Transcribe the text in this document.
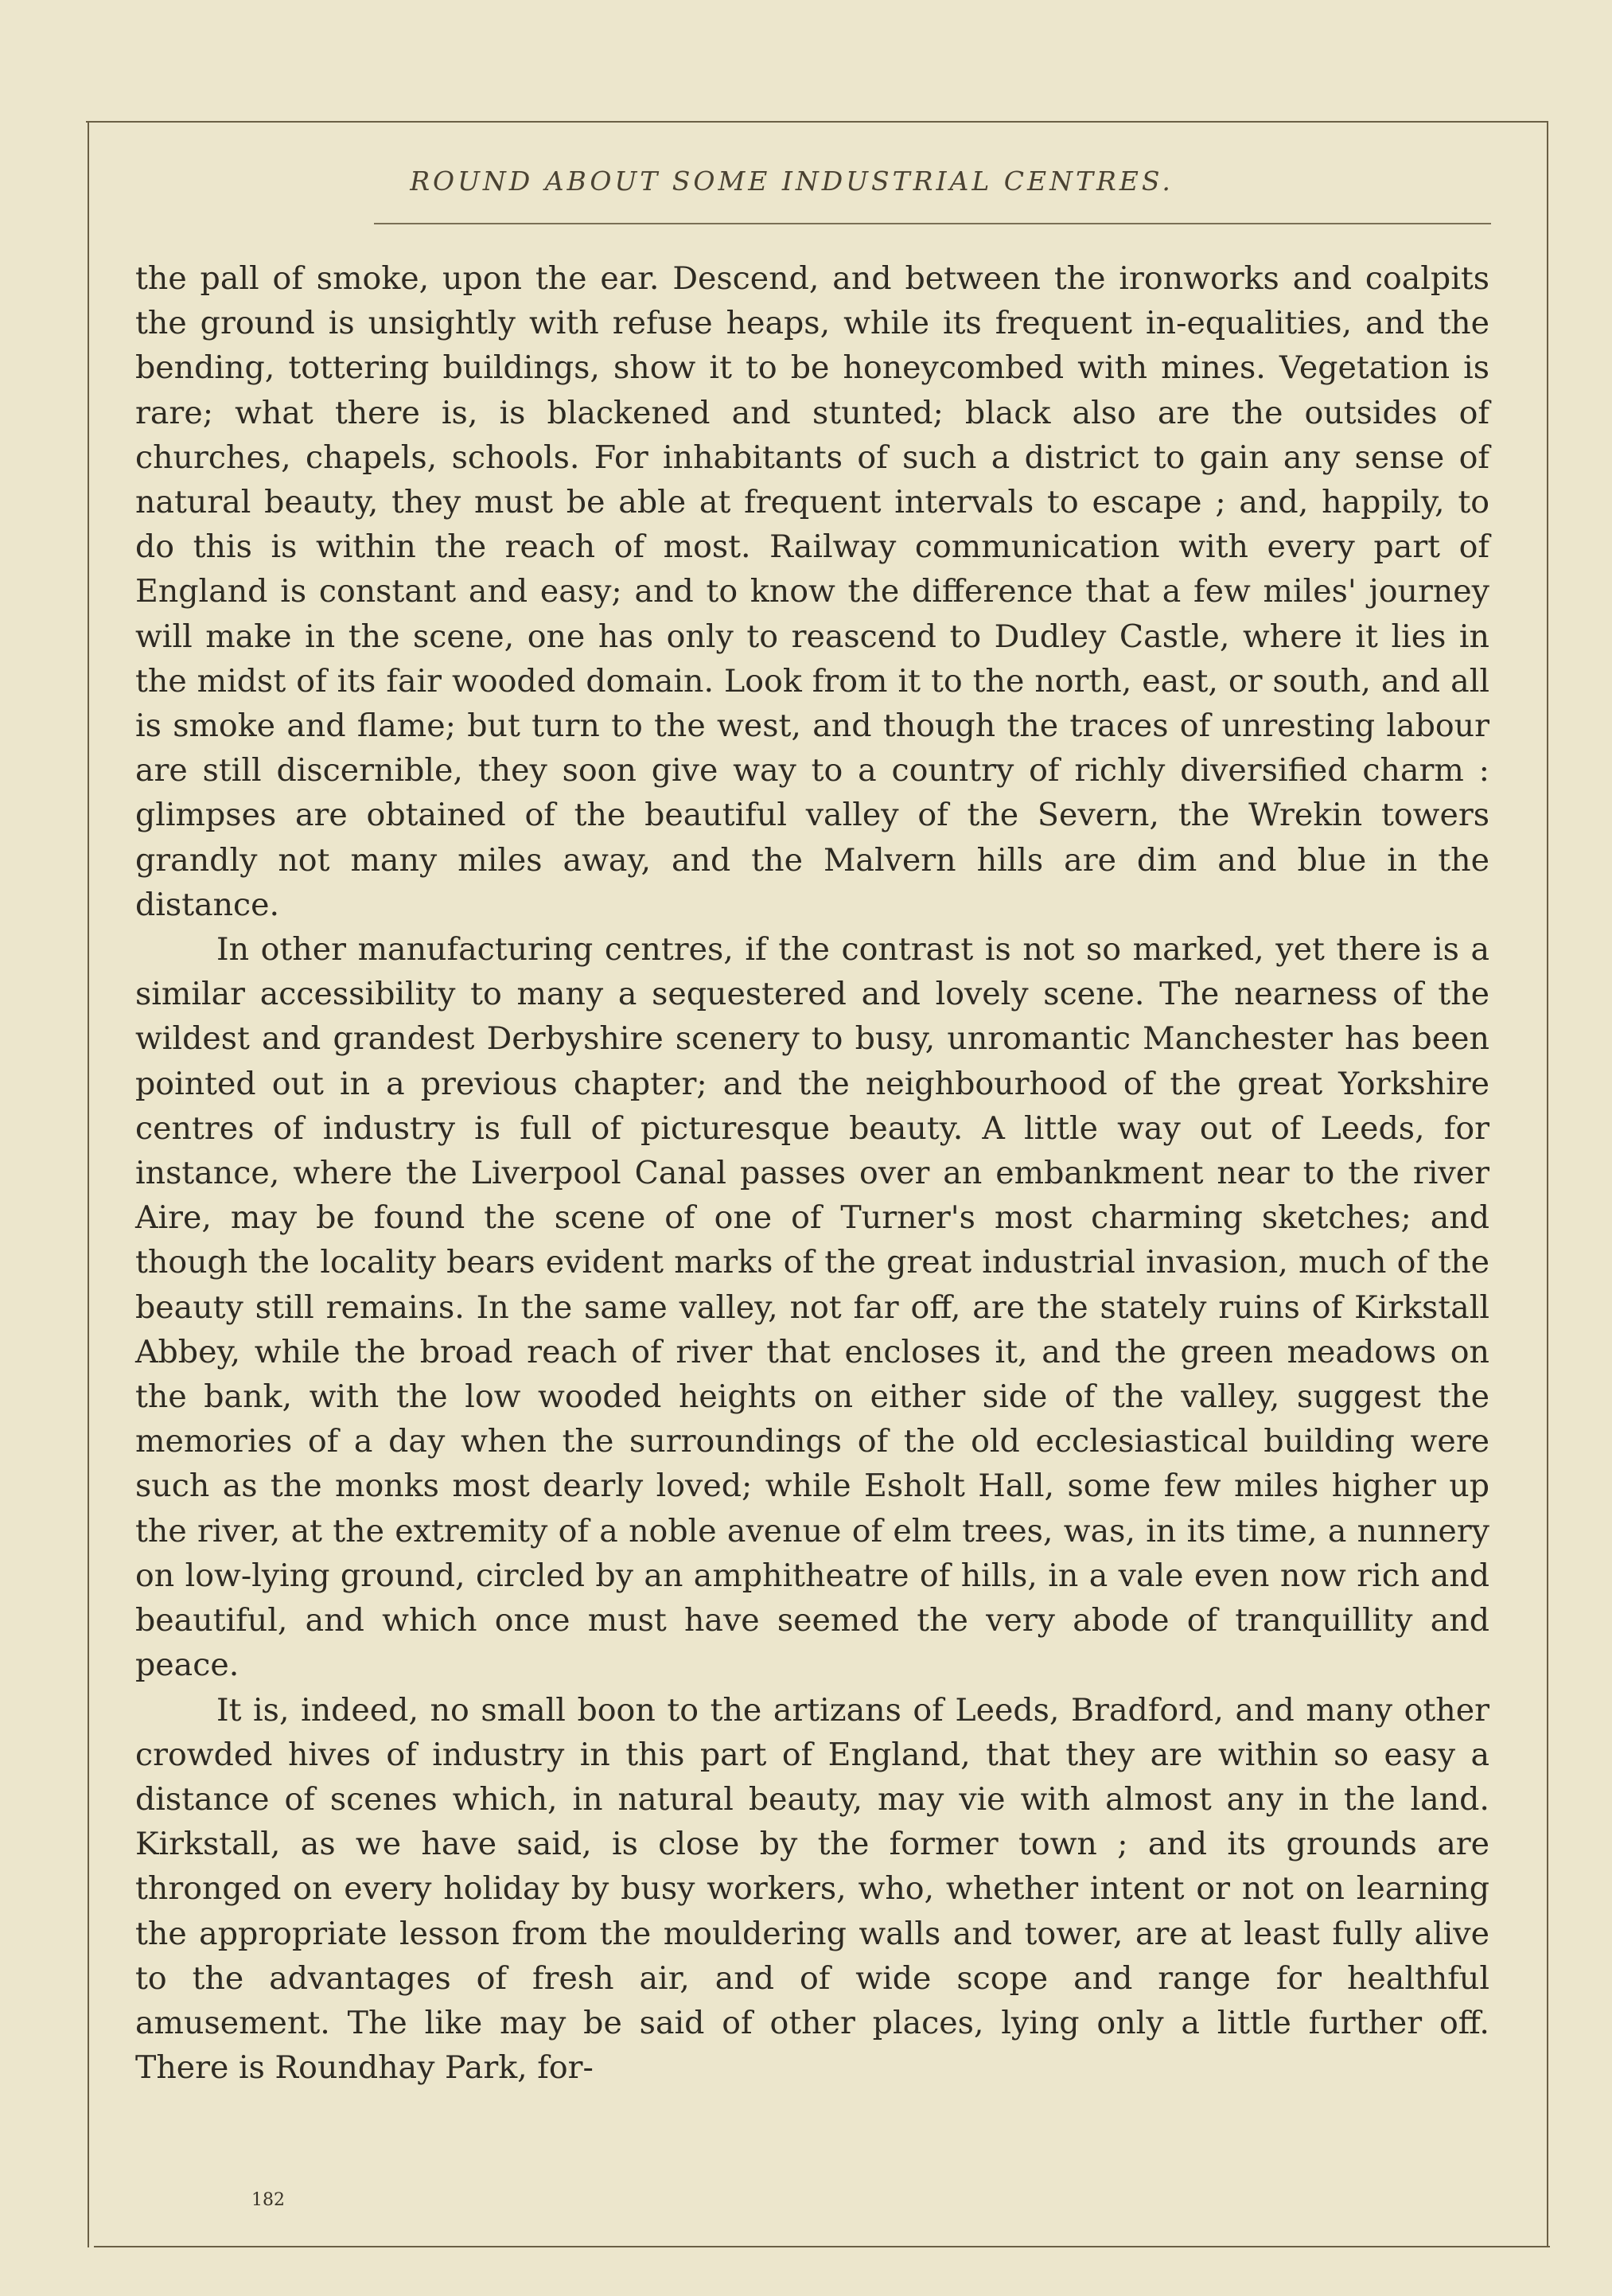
ROUND ABOUT SOME INDUSTRIAL CENTRES.

the pall of smoke, upon the ear. Descend, and between the ironworks and coalpits the ground is unsightly with refuse heaps, while its frequent in-equalities, and the bending, tottering buildings, show it to be honeycombed with mines. Vegetation is rare; what there is, is blackened and stunted; black also are the outsides of churches, chapels, schools. For inhabitants of such a district to gain any sense of natural beauty, they must be able at frequent intervals to escape ; and, happily, to do this is within the reach of most. Railway communication with every part of England is constant and easy; and to know the difference that a few miles' journey will make in the scene, one has only to reascend to Dudley Castle, where it lies in the midst of its fair wooded domain. Look from it to the north, east, or south, and all is smoke and flame; but turn to the west, and though the traces of unresting labour are still discernible, they soon give way to a country of richly diversified charm : glimpses are obtained of the beautiful valley of the Severn, the Wrekin towers grandly not many miles away, and the Malvern hills are dim and blue in the distance.

In other manufacturing centres, if the contrast is not so marked, yet there is a similar accessibility to many a sequestered and lovely scene. The nearness of the wildest and grandest Derbyshire scenery to busy, unromantic Manchester has been pointed out in a previous chapter; and the neighbourhood of the great Yorkshire centres of industry is full of picturesque beauty. A little way out of Leeds, for instance, where the Liverpool Canal passes over an embankment near to the river Aire, may be found the scene of one of Turner's most charming sketches; and though the locality bears evident marks of the great industrial invasion, much of the beauty still remains. In the same valley, not far off, are the stately ruins of Kirkstall Abbey, while the broad reach of river that encloses it, and the green meadows on the bank, with the low wooded heights on either side of the valley, suggest the memories of a day when the surroundings of the old ecclesiastical building were such as the monks most dearly loved; while Esholt Hall, some few miles higher up the river, at the extremity of a noble avenue of elm trees, was, in its time, a nunnery on low-lying ground, circled by an amphitheatre of hills, in a vale even now rich and beautiful, and which once must have seemed the very abode of tranquillity and peace.

It is, indeed, no small boon to the artizans of Leeds, Bradford, and many other crowded hives of industry in this part of England, that they are within so easy a distance of scenes which, in natural beauty, may vie with almost any in the land. Kirkstall, as we have said, is close by the former town ; and its grounds are thronged on every holiday by busy workers, who, whether intent or not on learning the appropriate lesson from the mouldering walls and tower, are at least fully alive to the advantages of fresh air, and of wide scope and range for healthful amusement. The like may be said of other places, lying only a little further off. There is Roundhay Park, for-

182
